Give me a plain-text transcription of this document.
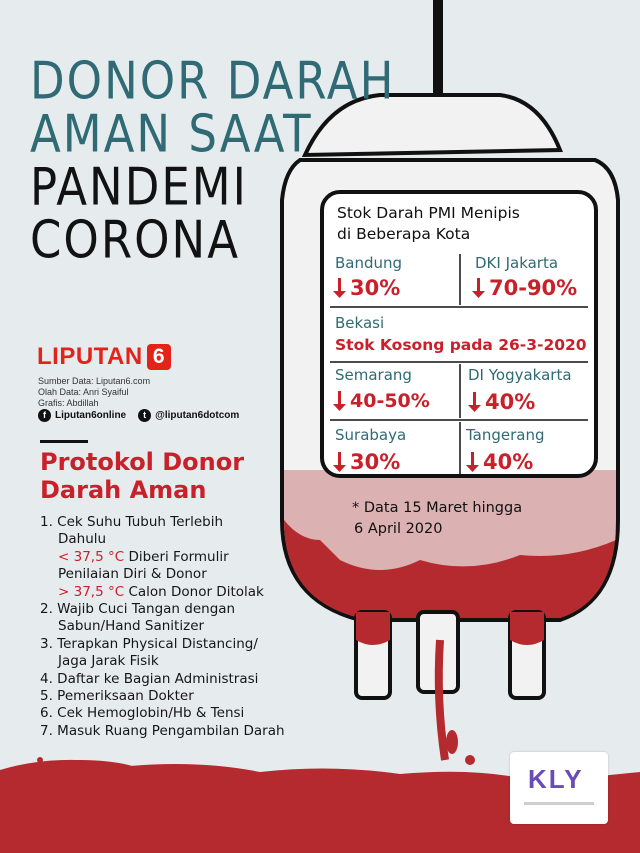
DONOR DARAH
AMAN SAAT
PANDEMI
CORONA
LIPUTAN 6
Sumber Data: Liputan6.com
Olah Data: Anri Syaiful
Grafis: Abdillah
f Liputan6online	t @liputan6dotcom
Protokol Donor
Darah Aman
1. Cek Suhu Tubuh Terlebih
Dahulu
< 37,5 °C Diberi Formulir
Penilaian Diri & Donor
> 37,5 °C Calon Donor Ditolak
2. Wajib Cuci Tangan dengan
Sabun/Hand Sanitizer
3. Terapkan Physical Distancing/
Jaga Jarak Fisik
4. Daftar ke Bagian Administrasi
5. Pemeriksaan Dokter
6. Cek Hemoglobin/Hb & Tensi
7. Masuk Ruang Pengambilan Darah
Stok Darah PMI Menipis
di Beberapa Kota
Bandung
30%
DKI Jakarta
70-90%
Bekasi
Stok Kosong pada 26-3-2020
Semarang
40-50%
DI Yogyakarta
40%
Surabaya
30%
Tangerang
40%
* Data 15 Maret hingga
6 April 2020
KLY
